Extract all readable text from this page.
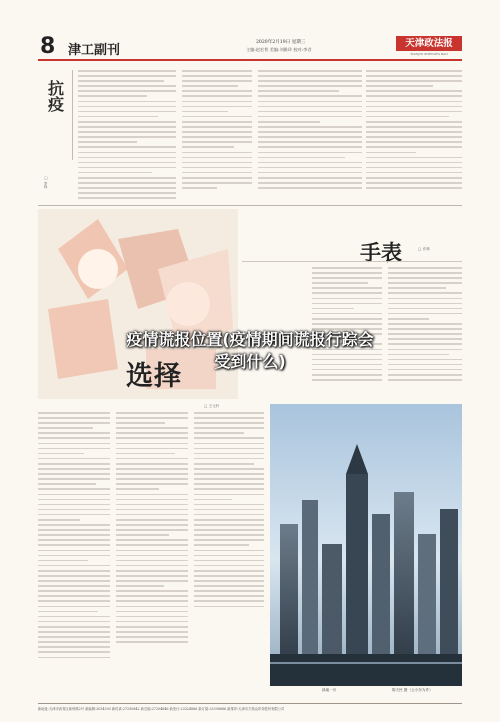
8 津工副刊
2020年2月19日 星期三
主编:赵宏普 美编:刘雅珍 校对:李君
天津政法报
TIANJIN ZHENGFA BAO
抗疫
□ 李林
选择
手表	□ 乔林
疫情谎报位置(疫情期间谎报行踪会
受到什么)
□ 王元朴
绿地一川	陈天民 摄（云小东为作）
新地址:天津市西青区新科路2号 新编辑:3034393 新传真:27250842 新总编:27204846 新发行:23324886 新订阅:23398886 新排印:天津市方格众印务股份有限公司
